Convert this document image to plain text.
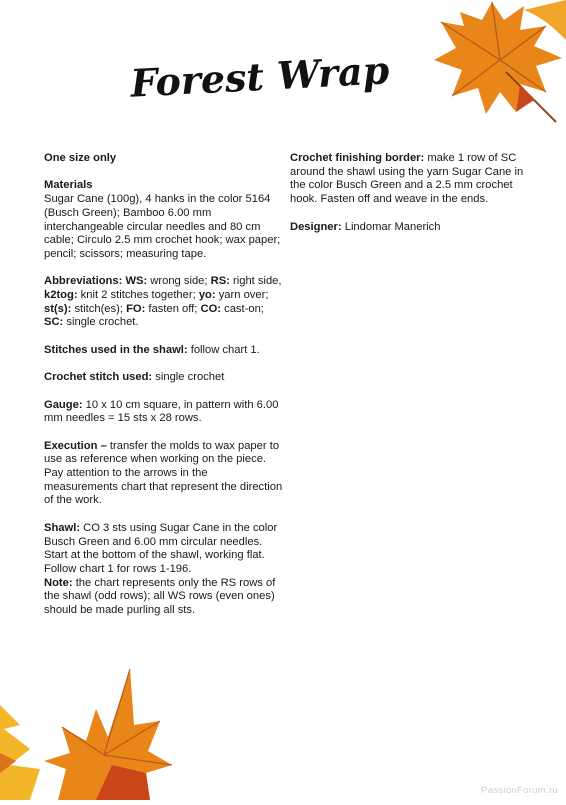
Forest Wrap

One size only

Materials
Sugar Cane (100g), 4 hanks in the color 5164 (Busch Green); Bamboo 6.00 mm interchangeable circular needles and 80 cm cable; Circulo 2.5 mm crochet hook; wax paper; pencil; scissors; measuring tape.

Abbreviations: WS: wrong side; RS: right side, k2tog: knit 2 stitches together; yo: yarn over; st(s): stitch(es); FO: fasten off; CO: cast-on; SC: single crochet.

Stitches used in the shawl: follow chart 1.

Crochet stitch used: single crochet

Gauge: 10 x 10 cm square, in pattern with 6.00 mm needles = 15 sts x 28 rows.

Execution – transfer the molds to wax paper to use as reference when working on the piece. Pay attention to the arrows in the measurements chart that represent the direction of the work.

Shawl: CO 3 sts using Sugar Cane in the color Busch Green and 6.00 mm circular needles. Start at the bottom of the shawl, working flat. Follow chart 1 for rows 1-196.
Note: the chart represents only the RS rows of the shawl (odd rows); all WS rows (even ones) should be made purling all sts.

Crochet finishing border: make 1 row of SC around the shawl using the yarn Sugar Cane in the color Busch Green and a 2.5 mm crochet hook. Fasten off and weave in the ends.

Designer: Lindomar Manerich

PassionForum.ru
